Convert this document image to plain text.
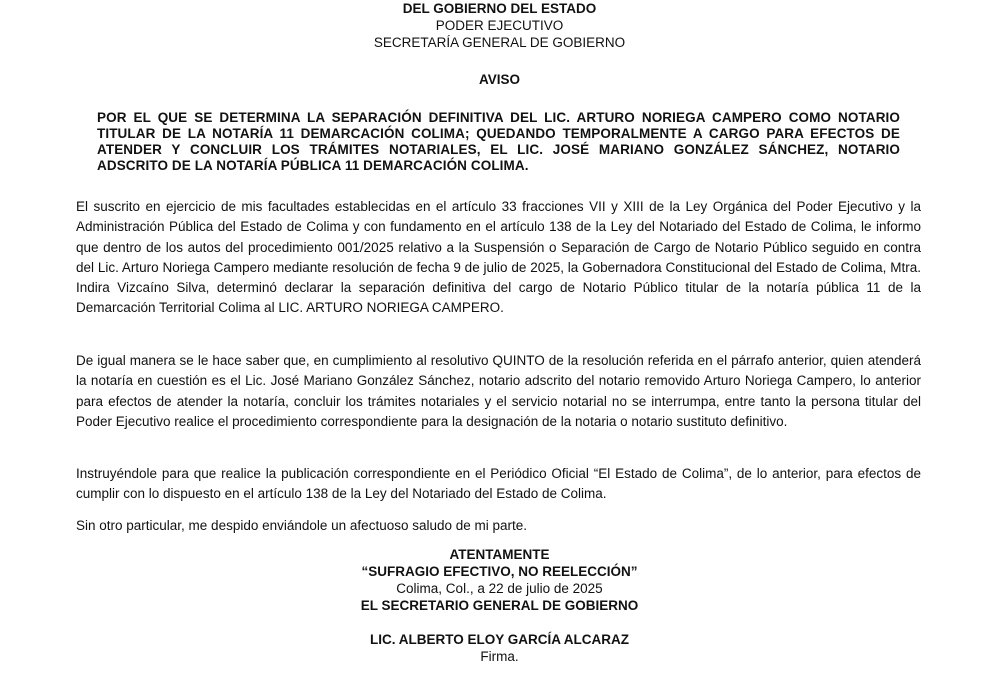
DEL GOBIERNO DEL ESTADO
PODER EJECUTIVO
SECRETARÍA GENERAL DE GOBIERNO
AVISO
POR EL QUE SE DETERMINA LA SEPARACIÓN DEFINITIVA DEL LIC. ARTURO NORIEGA CAMPERO COMO NOTARIO TITULAR DE LA NOTARÍA 11 DEMARCACIÓN COLIMA; QUEDANDO TEMPORALMENTE A CARGO PARA EFECTOS DE ATENDER Y CONCLUIR LOS TRÁMITES NOTARIALES, EL LIC. JOSÉ MARIANO GONZÁLEZ SÁNCHEZ, NOTARIO ADSCRITO DE LA NOTARÍA PÚBLICA 11 DEMARCACIÓN COLIMA.

El suscrito en ejercicio de mis facultades establecidas en el artículo 33 fracciones VII y XIII de la Ley Orgánica del Poder Ejecutivo y la Administración Pública del Estado de Colima y con fundamento en el artículo 138 de la Ley del Notariado del Estado de Colima, le informo que dentro de los autos del procedimiento 001/2025 relativo a la Suspensión o Separación de Cargo de Notario Público seguido en contra del Lic. Arturo Noriega Campero mediante resolución de fecha 9 de julio de 2025, la Gobernadora Constitucional del Estado de Colima, Mtra. Indira Vizcaíno Silva, determinó declarar la separación definitiva del cargo de Notario Público titular de la notaría pública 11 de la Demarcación Territorial Colima al LIC. ARTURO NORIEGA CAMPERO.

De igual manera se le hace saber que, en cumplimiento al resolutivo QUINTO de la resolución referida en el párrafo anterior, quien atenderá la notaría en cuestión es el Lic. José Mariano González Sánchez, notario adscrito del notario removido Arturo Noriega Campero, lo anterior para efectos de atender la notaría, concluir los trámites notariales y el servicio notarial no se interrumpa, entre tanto la persona titular del Poder Ejecutivo realice el procedimiento correspondiente para la designación de la notaria o notario sustituto definitivo.

Instruyéndole para que realice la publicación correspondiente en el Periódico Oficial “El Estado de Colima”, de lo anterior, para efectos de cumplir con lo dispuesto en el artículo 138 de la Ley del Notariado del Estado de Colima.

Sin otro particular, me despido enviándole un afectuoso saludo de mi parte.

ATENTAMENTE
“SUFRAGIO EFECTIVO, NO REELECCIÓN”
Colima, Col., a 22 de julio de 2025
EL SECRETARIO GENERAL DE GOBIERNO
LIC. ALBERTO ELOY GARCÍA ALCARAZ
Firma.
